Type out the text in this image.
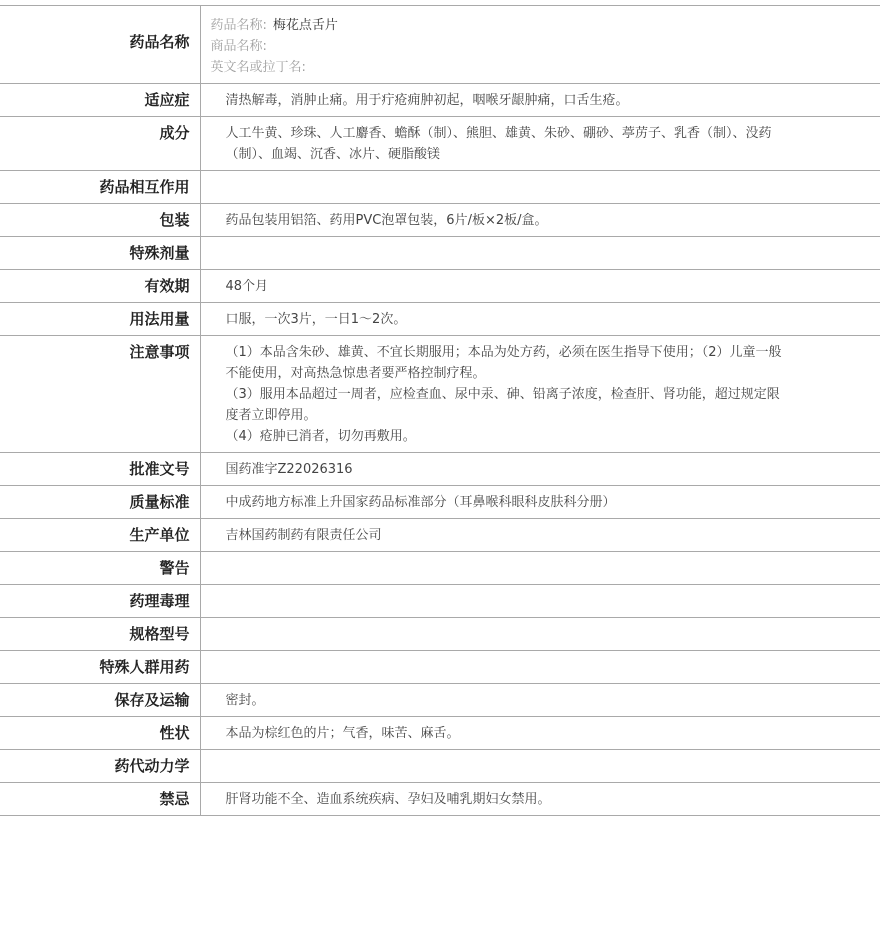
药品名称	药品名称: 梅花点舌片
商品名称:
英文名或拉丁名:

适应症	清热解毒，消肿止痛。用于疔疮痈肿初起，咽喉牙龈肿痛，口舌生疮。
成分	人工牛黄、珍珠、人工麝香、蟾酥（制）、熊胆、雄黄、朱砂、硼砂、葶苈子、乳香（制）、没药（制）、血竭、沉香、冰片、硬脂酸镁
药品相互作用	
包装	药品包装用铝箔、药用PVC泡罩包装，6片/板×2板/盒。
特殊剂量	
有效期	48个月
用法用量	口服，一次3片，一日1～2次。
注意事项	（1）本品含朱砂、雄黄、不宜长期服用；本品为处方药，必须在医生指导下使用；（2）儿童一般不能使用，对高热急惊患者要严格控制疗程。
（3）服用本品超过一周者，应检查血、尿中汞、砷、铅离子浓度，检查肝、肾功能，超过规定限度者立即停用。
（4）疮肿已消者，切勿再敷用。

批准文号	国药准字Z22026316
质量标准	中成药地方标准上升国家药品标准部分（耳鼻喉科眼科皮肤科分册）
生产单位	吉林国药制药有限责任公司
警告	
药理毒理	
规格型号	
特殊人群用药	
保存及运输	密封。
性状	本品为棕红色的片；气香，味苦、麻舌。
药代动力学	
禁忌	肝肾功能不全、造血系统疾病、孕妇及哺乳期妇女禁用。
